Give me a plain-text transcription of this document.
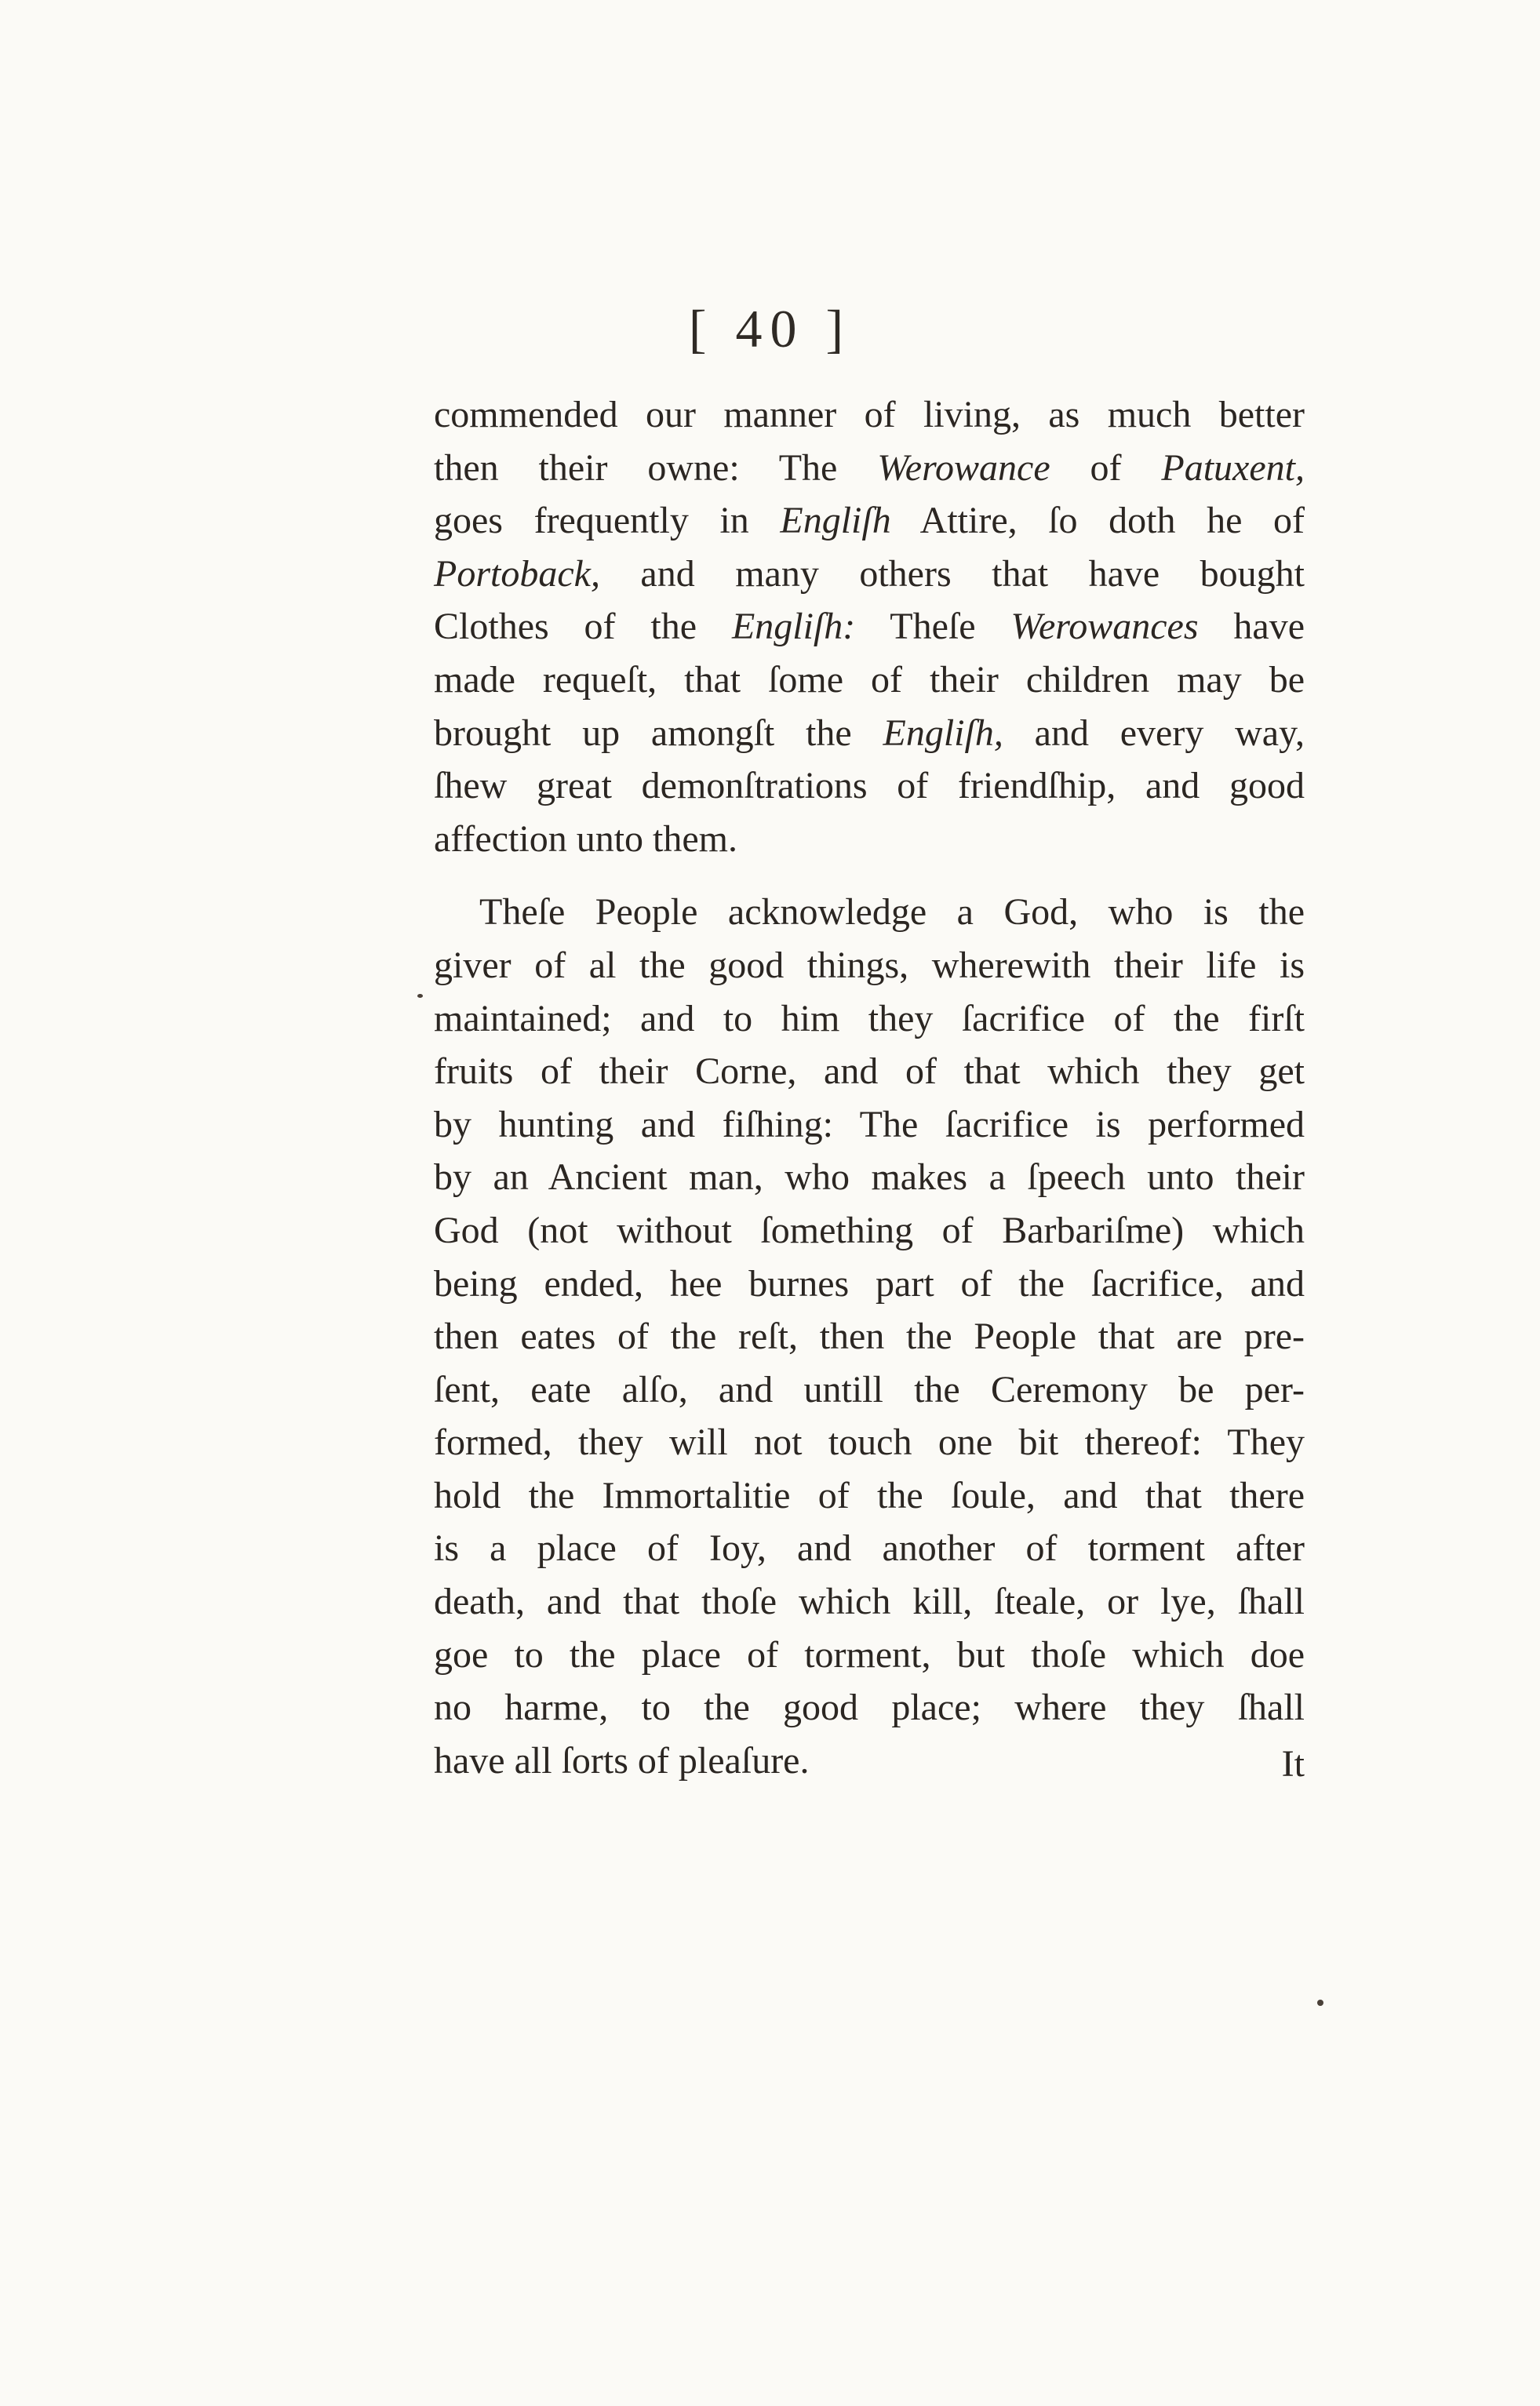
[ 40 ]
commended our manner of living, as much better
then their owne: The Werowance of Patuxent,
goes frequently in Engliſh Attire, ſo doth he of
Portoback, and many others that have bought
Clothes of the Engliſh: Theſe Werowances have
made requeſt, that ſome of their children may be
brought up amongſt the Engliſh, and every way,
ſhew great demonſtrations of friendſhip, and good
affection unto them.
Theſe People acknowledge a God, who is the
giver of al the good things, wherewith their life is
maintained; and to him they ſacrifice of the firſt
fruits of their Corne, and of that which they get
by hunting and fiſhing: The ſacrifice is performed
by an Ancient man, who makes a ſpeech unto their
God (not without ſomething of Barbariſme) which
being ended, hee burnes part of the ſacrifice, and
then eates of the reſt, then the People that are pre-
ſent, eate alſo, and untill the Ceremony be per-
formed, they will not touch one bit thereof: They
hold the Immortalitie of the ſoule, and that there
is a place of Ioy, and another of torment after
death, and that thoſe which kill, ſteale, or lye, ſhall
goe to the place of torment, but thoſe which doe
no harme, to the good place; where they ſhall
have all ſorts of pleaſure.	It
